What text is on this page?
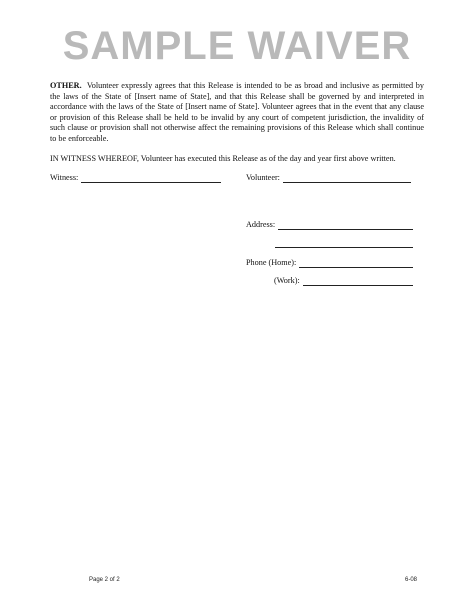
SAMPLE WAIVER
OTHER. Volunteer expressly agrees that this Release is intended to be as broad and inclusive as permitted by the laws of the State of [Insert name of State], and that this Release shall be governed by and interpreted in accordance with the laws of the State of [Insert name of State]. Volunteer agrees that in the event that any clause or provision of this Release shall be held to be invalid by any court of competent jurisdiction, the invalidity of such clause or provision shall not otherwise affect the remaining provisions of this Release which shall continue to be enforceable.
IN WITNESS WHEREOF, Volunteer has executed this Release as of the day and year first above written.
Witness:	Volunteer:
Address:
Phone (Home):
(Work):
Page 2 of 2	6-08
